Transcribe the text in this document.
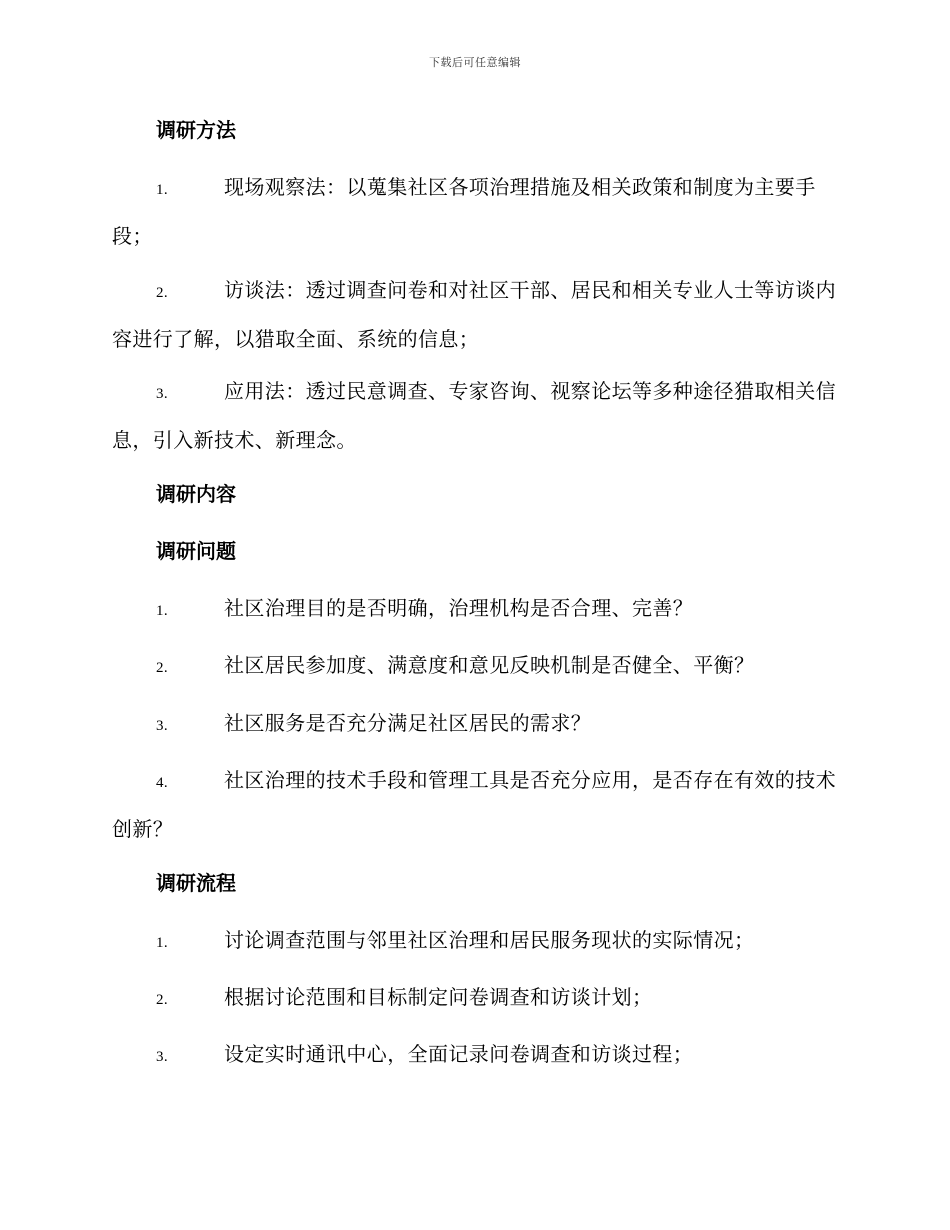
下载后可任意编辑
调研方法
1.	现场观察法：以蒐集社区各项治理措施及相关政策和制度为主要手段；
2.	访谈法：透过调查问卷和对社区干部、居民和相关专业人士等访谈内容进行了解，以猎取全面、系统的信息；
3.	应用法：透过民意调查、专家咨询、视察论坛等多种途径猎取相关信息，引入新技术、新理念。
调研内容
调研问题
1.	社区治理目的是否明确，治理机构是否合理、完善？
2.	社区居民参加度、满意度和意见反映机制是否健全、平衡？
3.	社区服务是否充分满足社区居民的需求？
4.	社区治理的技术手段和管理工具是否充分应用，是否存在有效的技术创新？
调研流程
1.	讨论调查范围与邻里社区治理和居民服务现状的实际情况；
2.	根据讨论范围和目标制定问卷调查和访谈计划；
3.	设定实时通讯中心，全面记录问卷调查和访谈过程；
